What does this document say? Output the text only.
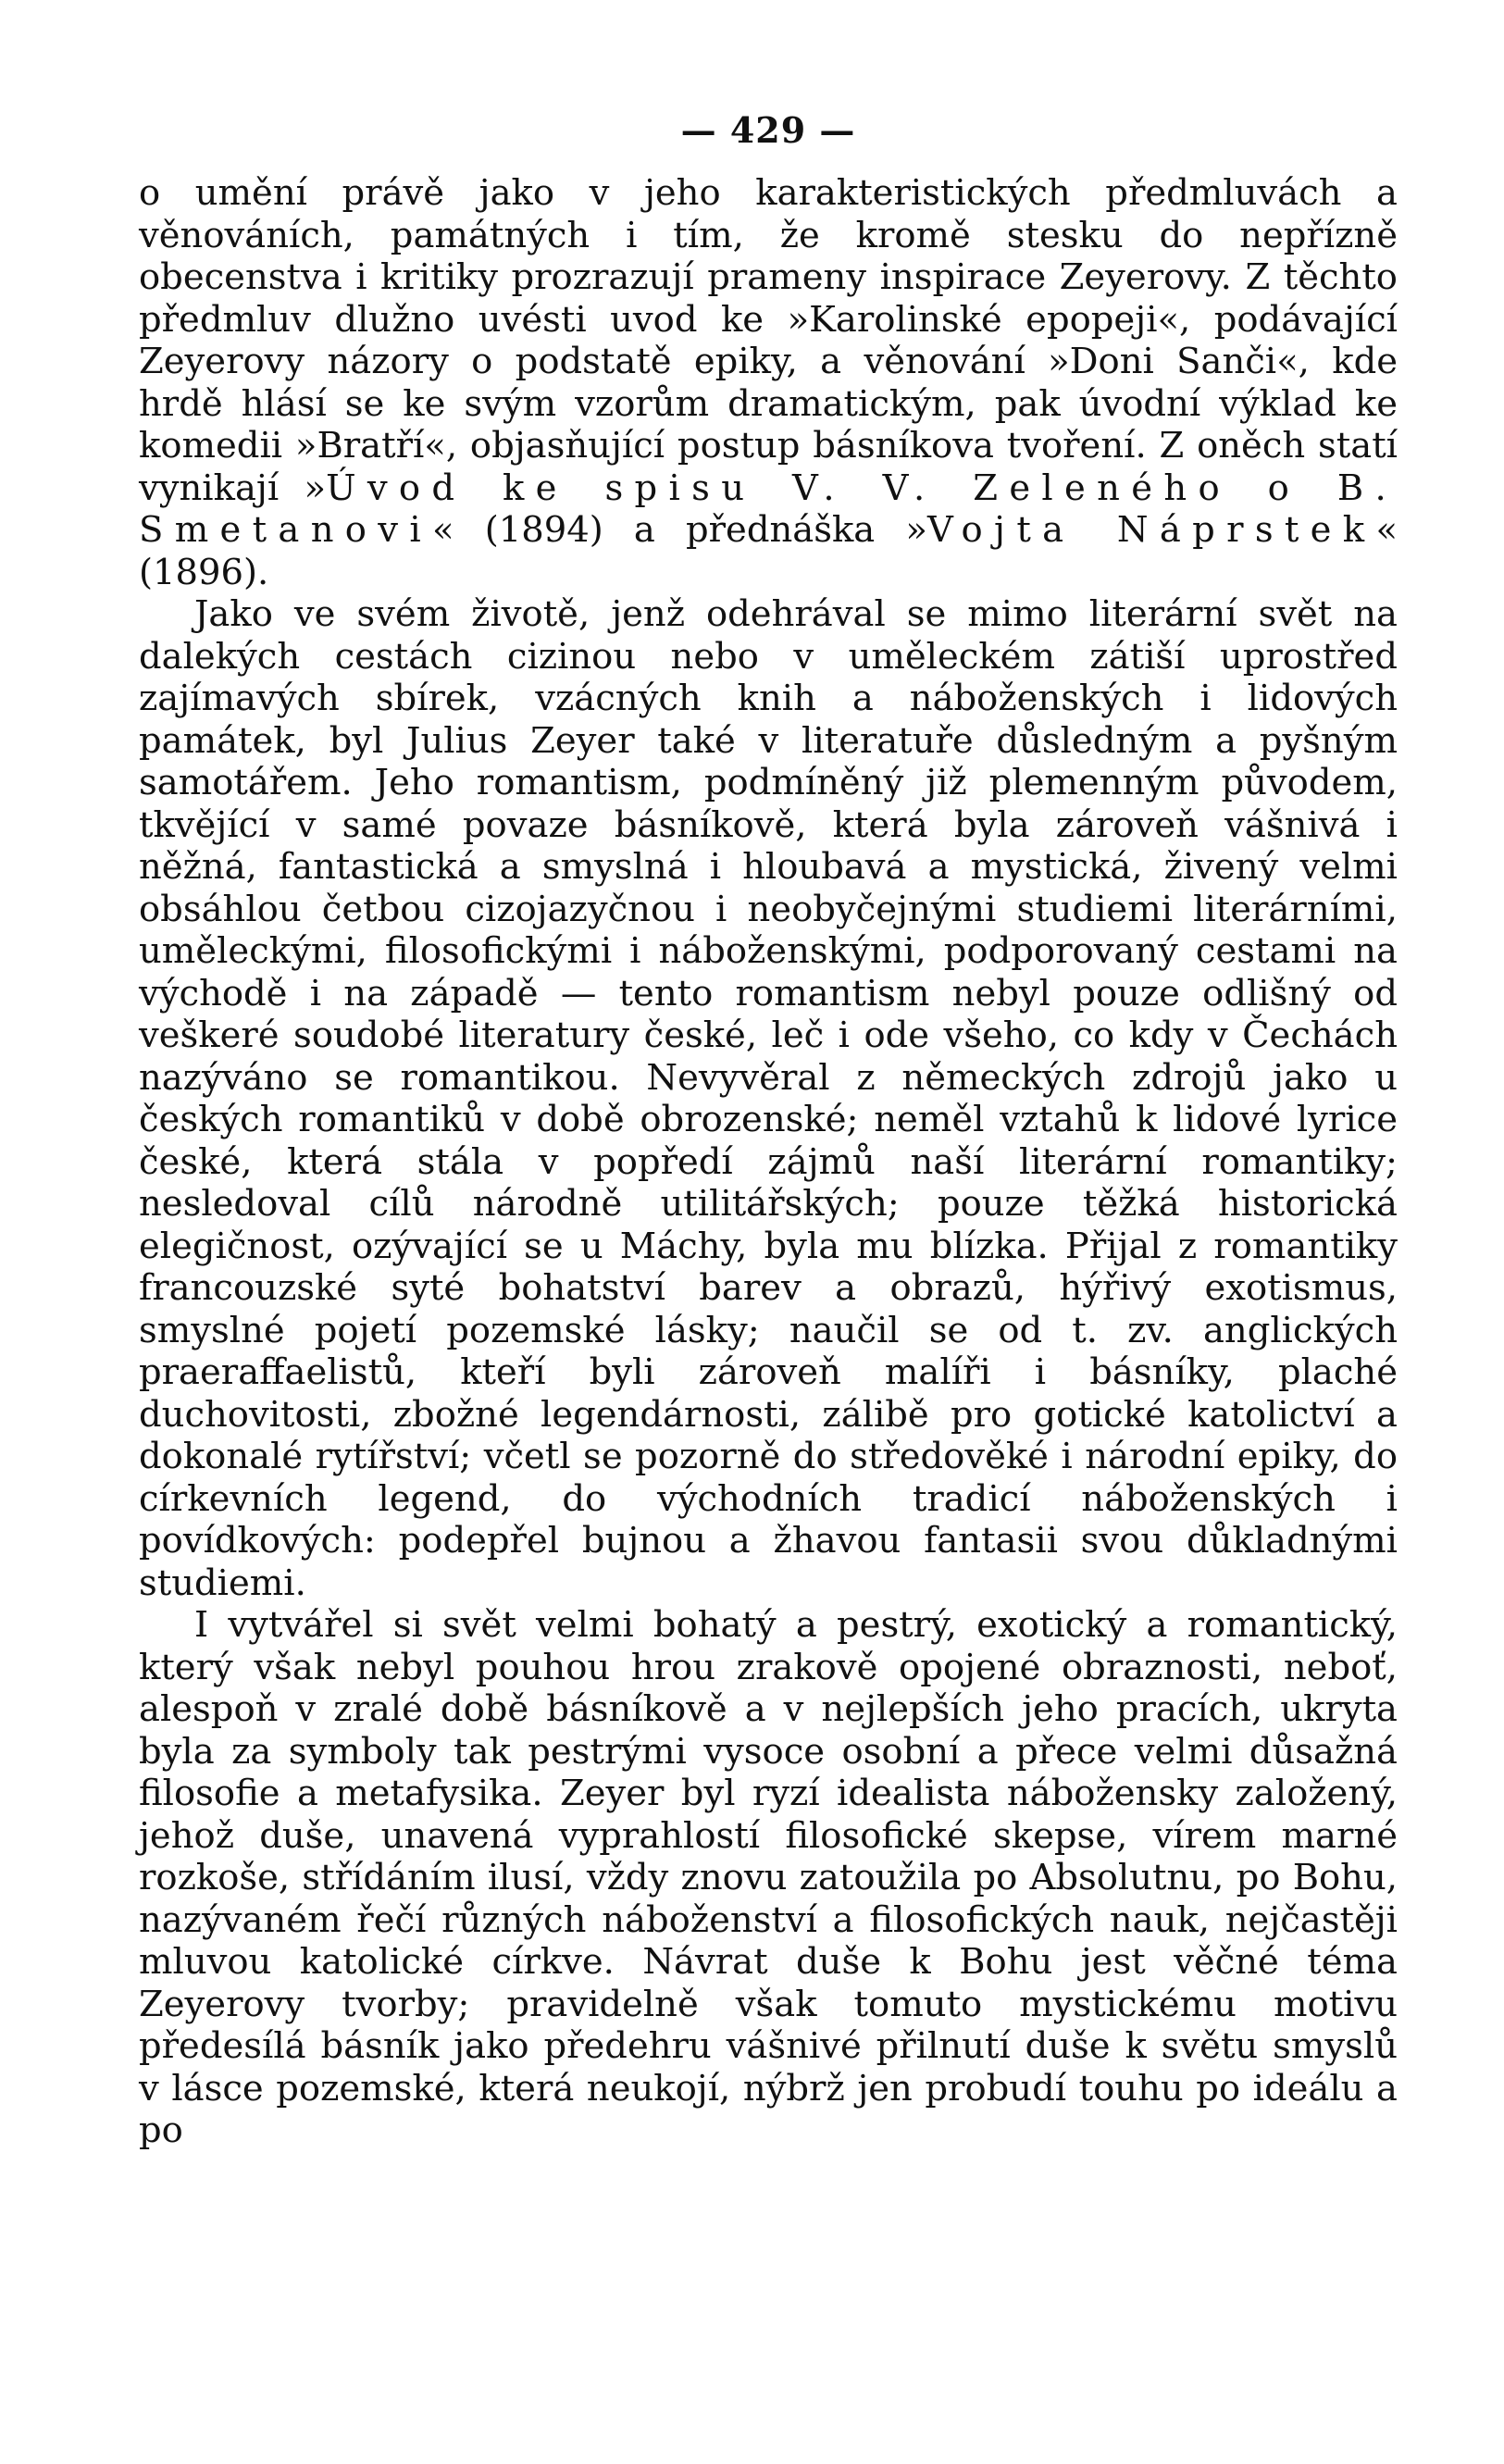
— 429 —

o umění právě jako v jeho karakteristických předmluvách a věnováních, památných i tím, že kromě stesku do nepřízně obecenstva i kritiky prozrazují prameny inspirace Zeyerovy. Z těchto předmluv dlužno uvésti uvod ke »Karolinské epopeji«, podávající Zeyerovy názory o podstatě epiky, a věnování »Doni Sanči«, kde hrdě hlásí se ke svým vzorům dramatickým, pak úvodní výklad ke komedii »Bratří«, objasňující postup básníkova tvoření. Z oněch statí vynikají »Úvod ke spisu V. V. Zeleného o B. Smetanovi« (1894) a přednáška »Vojta Náprstek« (1896).

Jako ve svém životě, jenž odehrával se mimo literární svět na dalekých cestách cizinou nebo v uměleckém zátiší uprostřed zajímavých sbírek, vzácných knih a náboženských i lidových památek, byl Julius Zeyer také v literatuře důsledným a pyšným samotářem. Jeho romantism, podmíněný již plemenným původem, tkvějící v samé povaze básníkově, která byla zároveň vášnivá i něžná, fantastická a smyslná i hloubavá a mystická, živený velmi obsáhlou četbou cizojazyčnou i neobyčejnými studiemi literárními, uměleckými, filosofickými i náboženskými, podporovaný cestami na východě i na západě — tento romantism nebyl pouze odlišný od veškeré soudobé literatury české, leč i ode všeho, co kdy v Čechách nazýváno se romantikou. Nevyvěral z německých zdrojů jako u českých romantiků v době obrozenské; neměl vztahů k lidové lyrice české, která stála v popředí zájmů naší literární romantiky; nesledoval cílů národně utilitářských; pouze těžká historická elegičnost, ozývající se u Máchy, byla mu blízka. Přijal z romantiky francouzské syté bohatství barev a obrazů, hýřivý exotismus, smyslné pojetí pozemské lásky; naučil se od t. zv. anglických praeraffaelistů, kteří byli zároveň malíři i básníky, plaché duchovitosti, zbožné legendárnosti, zálibě pro gotické katolictví a dokonalé rytířství; včetl se pozorně do středověké i národní epiky, do církevních legend, do východních tradicí náboženských i povídkových: podepřel bujnou a žhavou fantasii svou důkladnými studiemi.

I vytvářel si svět velmi bohatý a pestrý, exotický a romantický, který však nebyl pouhou hrou zrakově opojené obraznosti, neboť, alespoň v zralé době básníkově a v nejlepších jeho pracích, ukryta byla za symboly tak pestrými vysoce osobní a přece velmi důsažná filosofie a metafysika. Zeyer byl ryzí idealista nábožensky založený, jehož duše, unavená vyprahlostí filosofické skepse, vírem marné rozkoše, střídáním ilusí, vždy znovu zatoužila po Absolutnu, po Bohu, nazývaném řečí různých náboženství a filosofických nauk, nejčastěji mluvou katolické církve. Návrat duše k Bohu jest věčné téma Zeyerovy tvorby; pravidelně však tomuto mystickému motivu předesílá básník jako předehru vášnivé přilnutí duše k světu smyslů v lásce pozemské, která neukojí, nýbrž jen probudí touhu po ideálu a po
